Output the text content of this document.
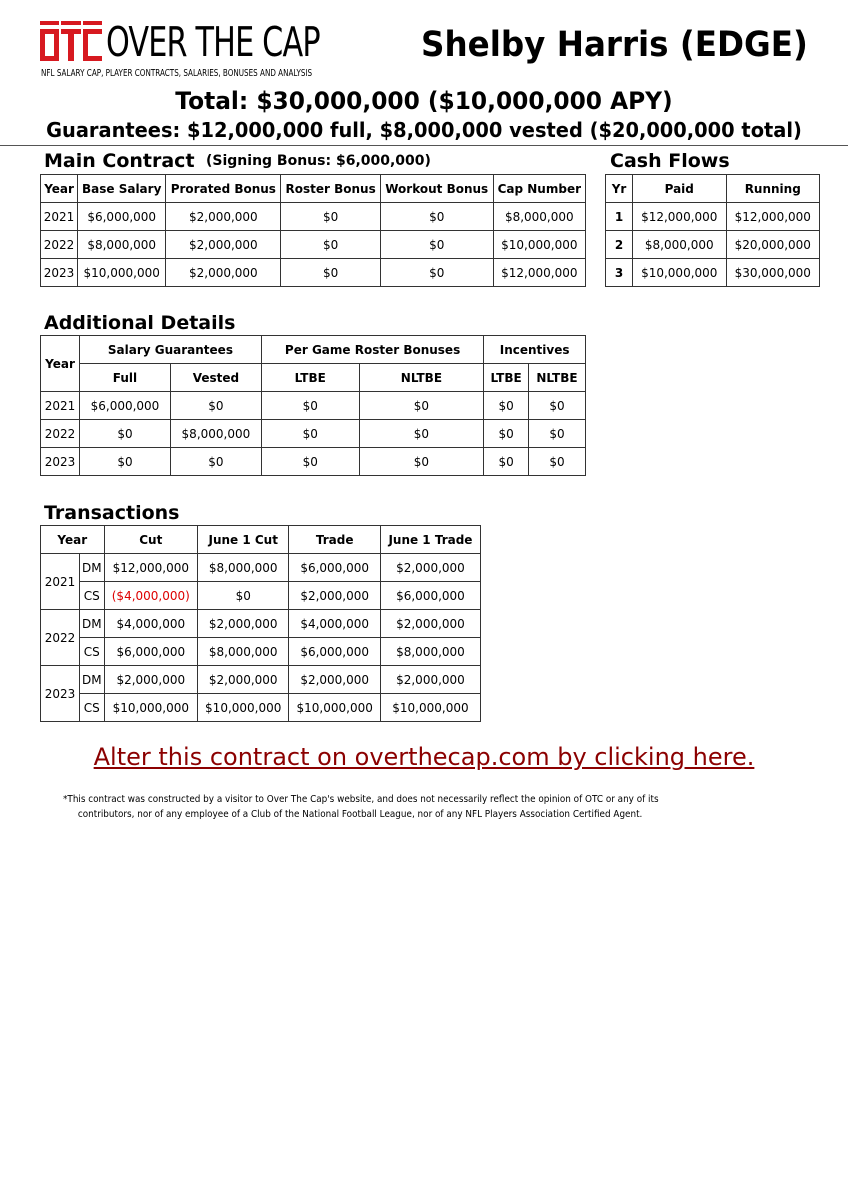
OVER THE CAP
NFL SALARY CAP, PLAYER CONTRACTS, SALARIES, BONUSES AND ANALYSIS
Shelby Harris (EDGE)
Total: $30,000,000 ($10,000,000 APY)
Guarantees: $12,000,000 full, $8,000,000 vested ($20,000,000 total)
Main Contract (Signing Bonus: $6,000,000)
Year	Base Salary	Prorated Bonus	Roster Bonus	Workout Bonus	Cap Number
2021	$6,000,000	$2,000,000	$0	$0	$8,000,000
2022	$8,000,000	$2,000,000	$0	$0	$10,000,000
2023	$10,000,000	$2,000,000	$0	$0	$12,000,000
Cash Flows
Yr	Paid	Running
1	$12,000,000	$12,000,000
2	$8,000,000	$20,000,000
3	$10,000,000	$30,000,000
Additional Details
Year	Salary Guarantees		Per Game Roster Bonuses		Incentives	
	Full	Vested	LTBE	NLTBE	LTBE	NLTBE
2021	$6,000,000	$0	$0	$0	$0	$0
2022	$0	$8,000,000	$0	$0	$0	$0
2023	$0	$0	$0	$0	$0	$0
Transactions
Year		Cut	June 1 Cut	Trade	June 1 Trade
2021	DM	$12,000,000	$8,000,000	$6,000,000	$2,000,000
	CS	($4,000,000)	$0	$2,000,000	$6,000,000
2022	DM	$4,000,000	$2,000,000	$4,000,000	$2,000,000
	CS	$6,000,000	$8,000,000	$6,000,000	$8,000,000
2023	DM	$2,000,000	$2,000,000	$2,000,000	$2,000,000
	CS	$10,000,000	$10,000,000	$10,000,000	$10,000,000
Alter this contract on overthecap.com by clicking here.
*This contract was constructed by a visitor to Over The Cap's website, and does not necessarily reflect the opinion of OTC or any of its
contributors, nor of any employee of a Club of the National Football League, nor of any NFL Players Association Certified Agent.
